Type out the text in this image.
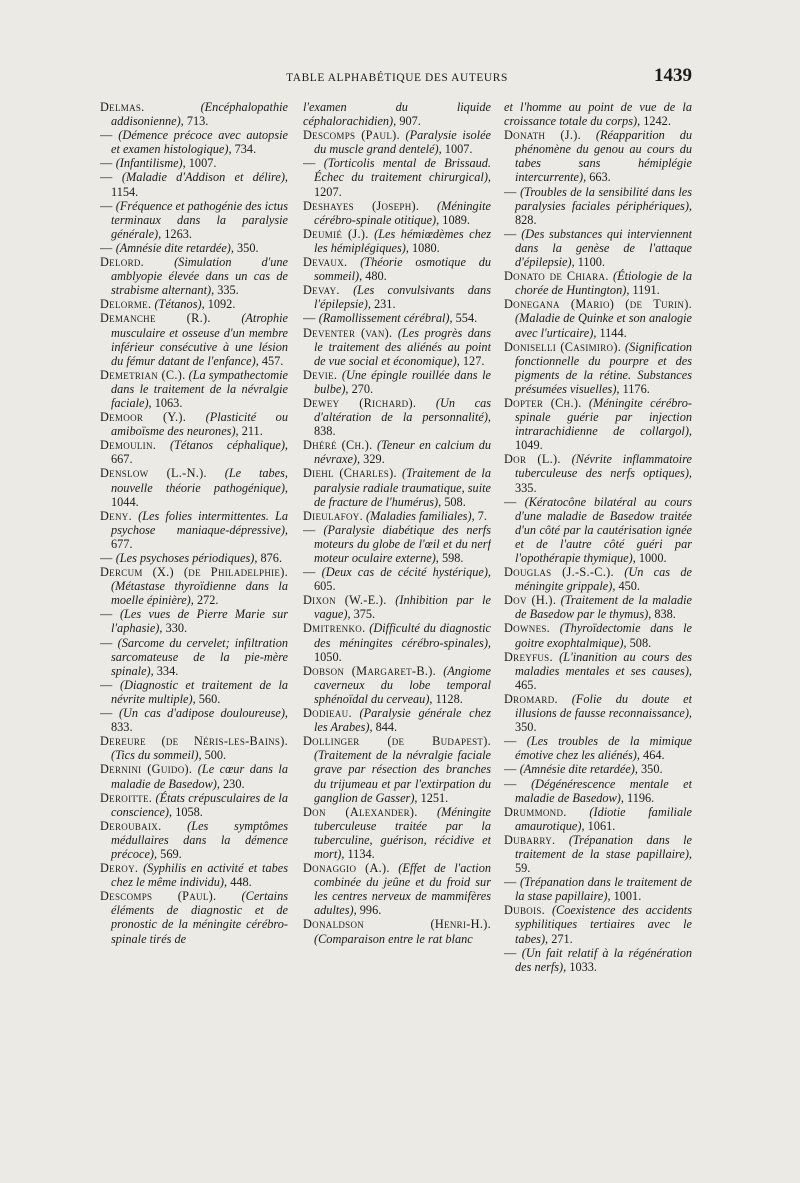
TABLE ALPHABÉTIQUE DES AUTEURS	1439

Delmas.	(Encéphalopathie addisonienne), 713.

— (Démence précoce avec autopsie et examen histologique), 734.

— (Infantilisme), 1007.

— (Maladie d'Addison et délire), 1154.

— (Fréquence et pathogénie des ictus terminaux dans la paralysie générale), 1263.

— (Amnésie dite retardée), 350.

Delord. (Simulation d'une amblyopie élevée dans un cas de strabisme alternant), 335.

Delorme. (Tétanos), 1092.

Demanche (R.). (Atrophie musculaire et osseuse d'un membre inférieur consécutive à une lésion du fémur datant de l'enfance), 457.

Demetrian (C.). (La sympathectomie dans le traitement de la névralgie faciale), 1063.

Demoor (Y.). (Plasticité ou amiboïsme des neurones), 211.

Demoulin. (Tétanos céphalique), 667.

Denslow (L.-N.). (Le tabes, nouvelle théorie pathogénique), 1044.

Deny. (Les folies intermittentes. La psychose maniaque-dépressive), 677.

— (Les psychoses périodiques), 876.

Dercum (X.) (de Philadelphie). (Métastase thyroïdienne dans la moelle épinière), 272.

— (Les vues de Pierre Marie sur l'aphasie), 330.

— (Sarcome du cervelet; infiltration sarcomateuse de la pie-mère spinale), 334.

— (Diagnostic et traitement de la névrite multiple), 560.

— (Un cas d'adipose douloureuse), 833.

Dereure (de Néris-les-Bains). (Tics du sommeil), 500.

Dernini (Guido). (Le cœur dans la maladie de Basedow), 230.

Deroitte. (États crépusculaires de la conscience), 1058.

Deroubaix. (Les symptômes médullaires dans la démence précoce), 569.

Deroy. (Syphilis en activité et tabes chez le même individu), 448.

Descomps (Paul). (Certains éléments de diagnostic et de pronostic de la méningite cérébro-spinale tirés de

l'examen du liquide céphalorachidien), 907.

Descomps (Paul). (Paralysie isolée du muscle grand dentelé), 1007.

— (Torticolis mental de Brissaud. Échec du traitement chirurgical), 1207.

Deshayes (Joseph). (Méningite cérébro-spinale otitique), 1089.

Deumié (J.). (Les hémiœdèmes chez les hémiplégiques), 1080.

Devaux. (Théorie osmotique du sommeil), 480.

Devay. (Les convulsivants dans l'épilepsie), 231.

— (Ramollissement cérébral), 554.

Deventer (van). (Les progrès dans le traitement des aliénés au point de vue social et économique), 127.

Devie. (Une épingle rouillée dans le bulbe), 270.

Dewey (Richard). (Un cas d'altération de la personnalité), 838.

Dhéré (Ch.). (Teneur en calcium du névraxe), 329.

Diehl (Charles). (Traitement de la paralysie radiale traumatique, suite de fracture de l'humérus), 508.

Dieulafoy. (Maladies familiales), 7.

— (Paralysie diabétique des nerfs moteurs du globe de l'œil et du nerf moteur oculaire externe), 598.

— (Deux cas de cécité hystérique), 605.

Dixon (W.-E.). (Inhibition par le vague), 375.

Dmitrenko. (Difficulté du diagnostic des méningites cérébro-spinales), 1050.

Dobson (Margaret-B.). (Angiome caverneux du lobe temporal sphénoïdal du cerveau), 1128.

Dodieau. (Paralysie générale chez les Arabes), 844.

Dollinger (de Budapest). (Traitement de la névralgie faciale grave par résection des branches du trijumeau et par l'extirpation du ganglion de Gasser), 1251.

Don (Alexander). (Méningite tuberculeuse traitée par la tuberculine, guérison, récidive et mort), 1134.

Donaggio (A.). (Effet de l'action combinée du jeûne et du froid sur les centres nerveux de mammifères adultes), 996.

Donaldson (Henri-H.). (Comparaison entre le rat blanc

et l'homme au point de vue de la croissance totale du corps), 1242.

Donath (J.). (Réapparition du phénomène du genou au cours du tabes sans hémiplégie intercurrente), 663.

— (Troubles de la sensibilité dans les paralysies faciales périphériques), 828.

— (Des substances qui interviennent dans la genèse de l'attaque d'épilepsie), 1100.

Donato de Chiara. (Étiologie de la chorée de Huntington), 1191.

Donegana (Mario) (de Turin). (Maladie de Quinke et son analogie avec l'urticaire), 1144.

Doniselli (Casimiro). (Signification fonctionnelle du pourpre et des pigments de la rétine. Substances présumées visuelles), 1176.

Dopter (Ch.). (Méningite cérébro-spinale guérie par injection intrarachidienne de collargol), 1049.

Dor (L.). (Névrite inflammatoire tuberculeuse des nerfs optiques), 335.

— (Kératocône bilatéral au cours d'une maladie de Basedow traitée d'un côté par la cautérisation ignée et de l'autre côté guéri par l'opothérapie thymique), 1000.

Douglas (J.-S.-C.). (Un cas de méningite grippale), 450.

Dov (H.). (Traitement de la maladie de Basedow par le thymus), 838.

Downes. (Thyroïdectomie dans le goitre exophtalmique), 508.

Dreyfus. (L'inanition au cours des maladies mentales et ses causes), 465.

Dromard. (Folie du doute et illusions de fausse reconnaissance), 350.

— (Les troubles de la mimique émotive chez les aliénés), 464.

— (Amnésie dite retardée), 350.

— (Dégénérescence mentale et maladie de Basedow), 1196.

Drummond. (Idiotie familiale amaurotique), 1061.

Dubarry. (Trépanation dans le traitement de la stase papillaire), 59.

— (Trépanation dans le traitement de la stase papillaire), 1001.

Dubois. (Coexistence des accidents syphilitiques tertiaires avec le tabes), 271.

— (Un fait relatif à la régénération des nerfs), 1033.
